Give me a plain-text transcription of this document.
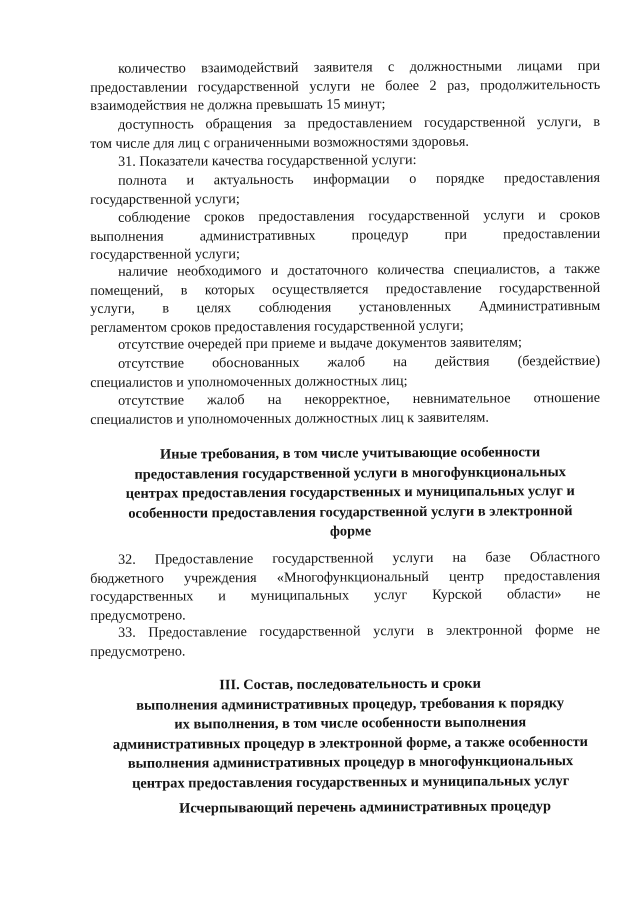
количество взаимодействий заявителя с должностными лицами при
предоставлении государственной услуги не более 2 раз, продолжительность
взаимодействия не должна превышать 15 минут;
доступность обращения за предоставлением государственной услуги, в
том числе для лиц с ограниченными возможностями здоровья.
31. Показатели качества государственной услуги:
полнота и актуальность информации о порядке предоставления
государственной услуги;
соблюдение сроков предоставления государственной услуги и сроков
выполнения административных процедур при предоставлении
государственной услуги;
наличие необходимого и достаточного количества специалистов, а также
помещений, в которых осуществляется предоставление государственной
услуги, в целях соблюдения установленных Административным
регламентом сроков предоставления государственной услуги;
отсутствие очередей при приеме и выдаче документов заявителям;
отсутствие обоснованных жалоб на действия (бездействие)
специалистов и уполномоченных должностных лиц;
отсутствие жалоб на некорректное, невнимательное отношение
специалистов и уполномоченных должностных лиц к заявителям.
Иные требования, в том числе учитывающие особенности
предоставления государственной услуги в многофункциональных
центрах предоставления государственных и муниципальных услуг и
особенности предоставления государственной услуги в электронной
форме
32. Предоставление государственной услуги на базе Областного
бюджетного учреждения «Многофункциональный центр предоставления
государственных и муниципальных услуг Курской области» не
предусмотрено.
33. Предоставление государственной услуги в электронной форме не
предусмотрено.
III. Состав, последовательность и сроки
выполнения административных процедур, требования к порядку
их выполнения, в том числе особенности выполнения
административных процедур в электронной форме, а также особенности
выполнения административных процедур в многофункциональных
центрах предоставления государственных и муниципальных услуг
Исчерпывающий перечень административных процедур
